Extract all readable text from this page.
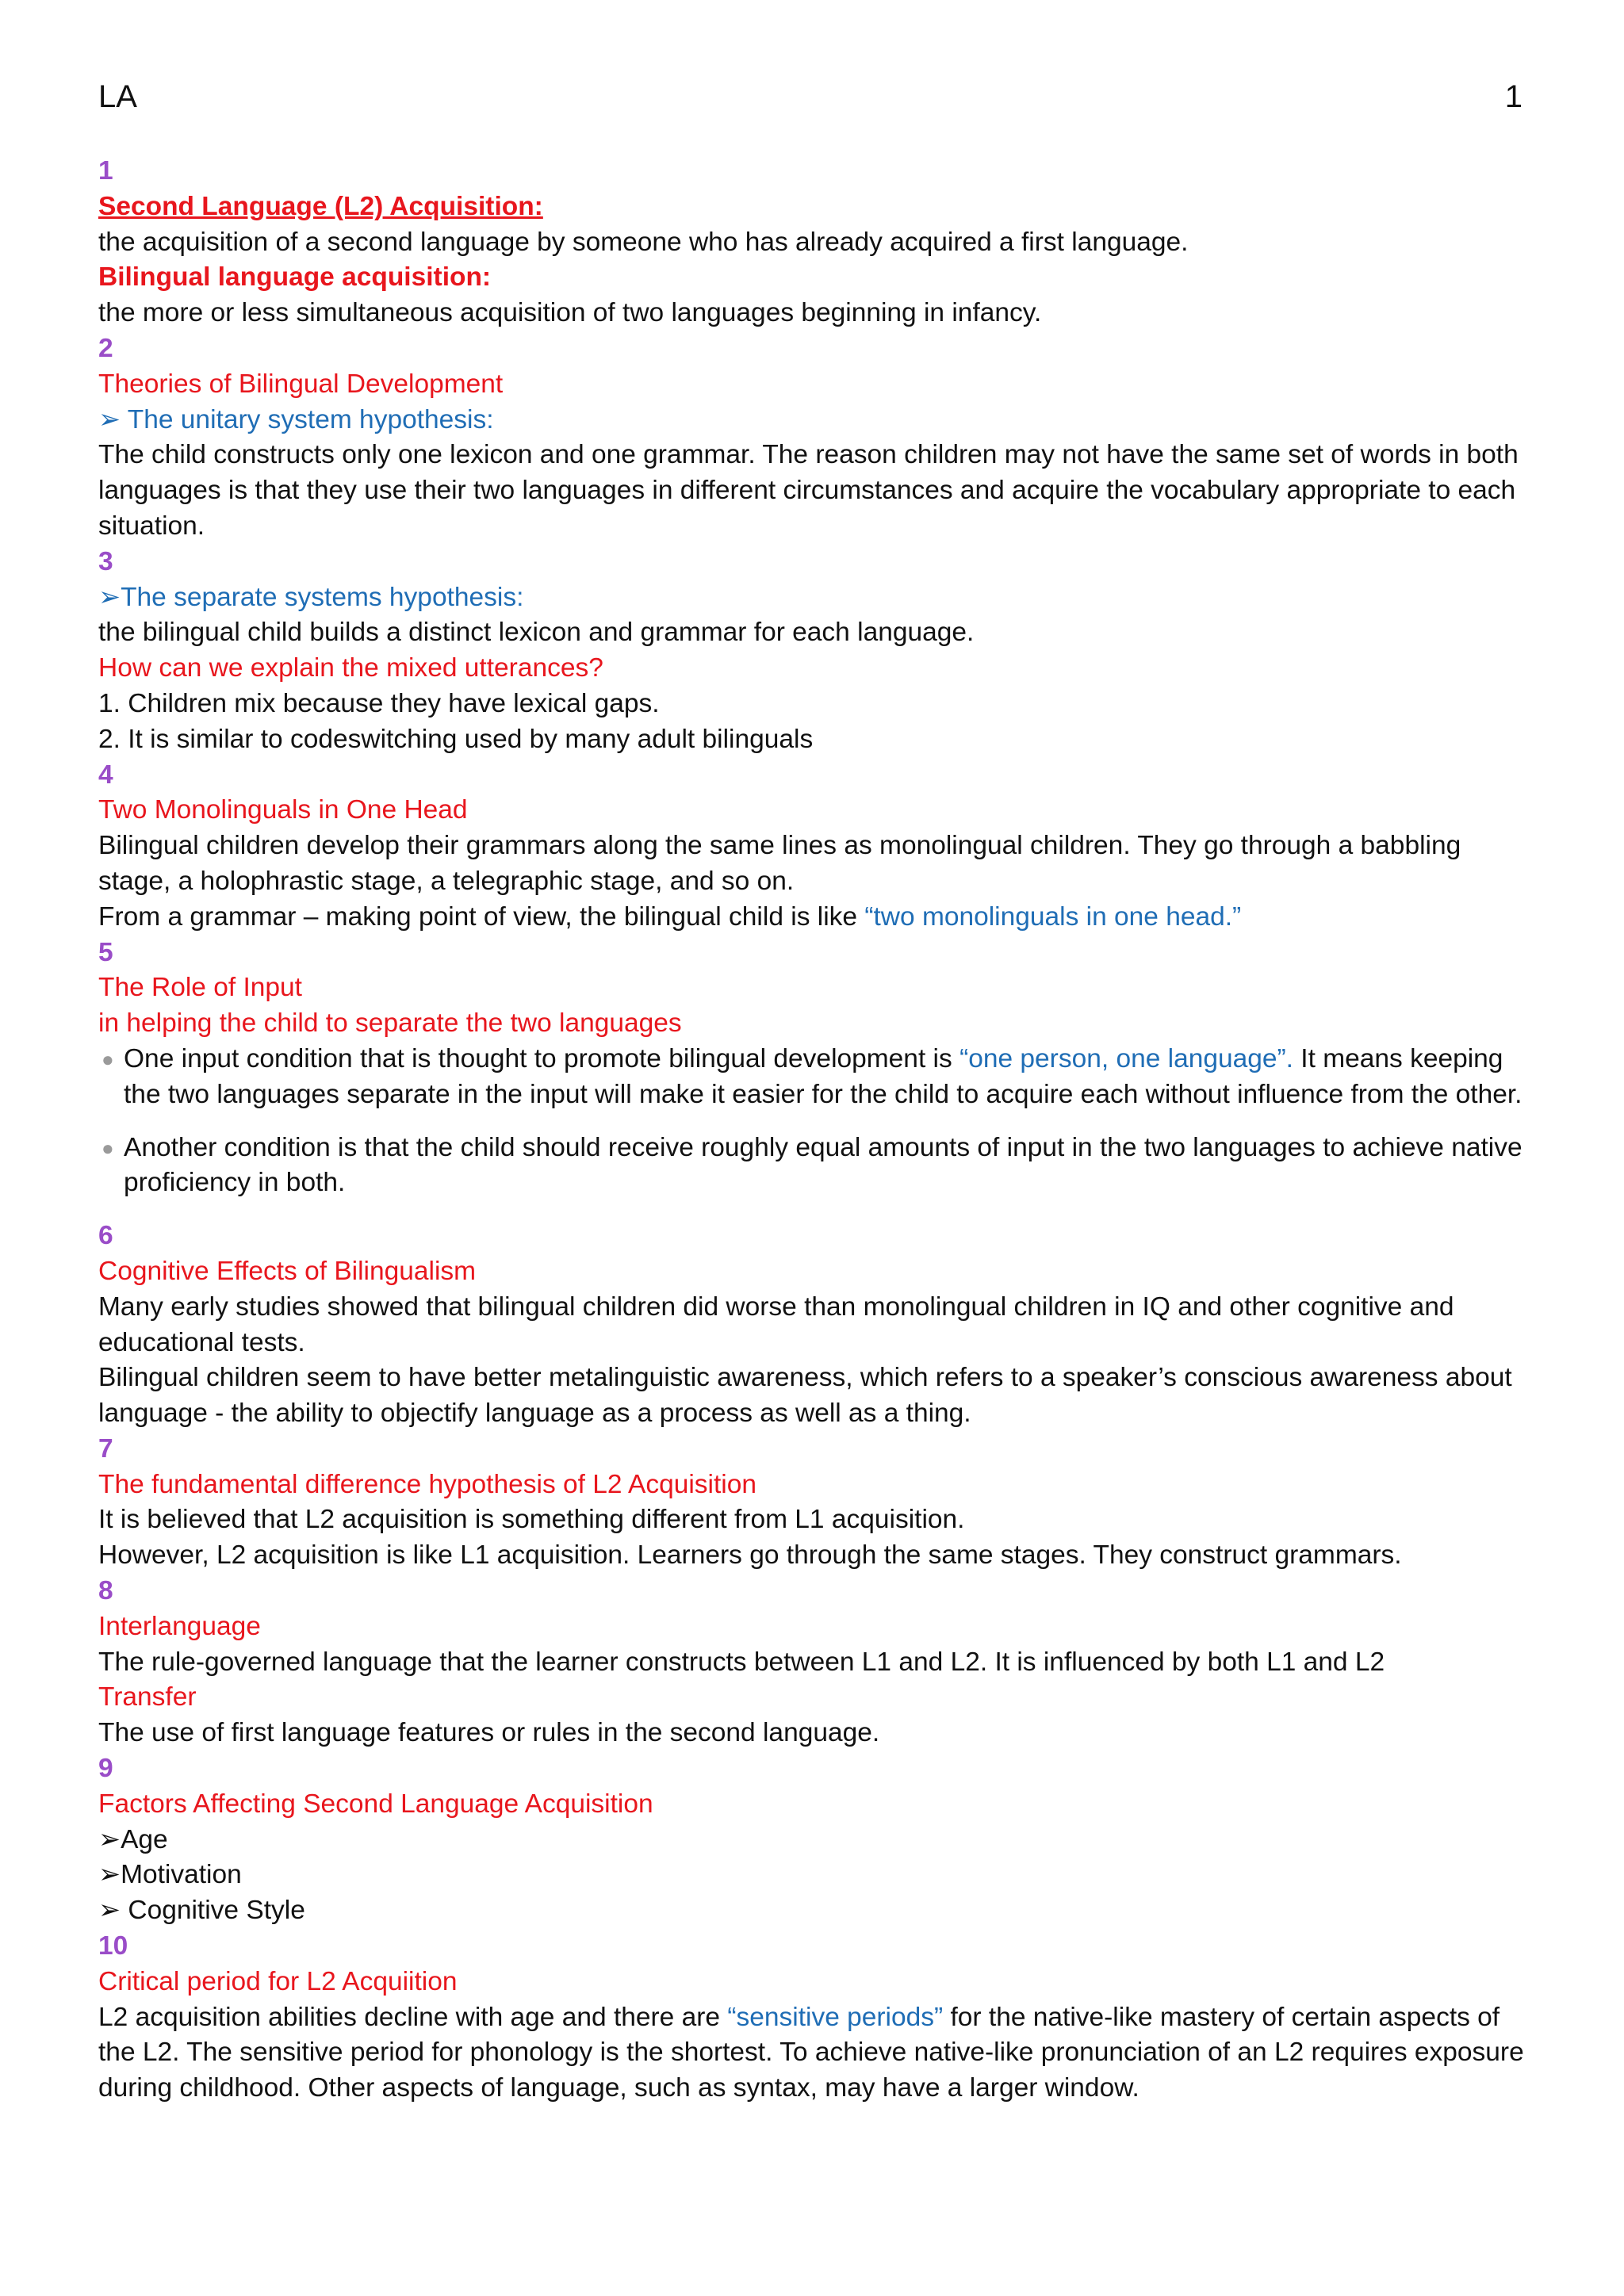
LA	1

1

Second Language (L2) Acquisition:

the acquisition of a second language by someone who has already acquired a first language.

Bilingual language acquisition:

the more or less simultaneous acquisition of two languages beginning in infancy.

2

Theories of Bilingual Development

➢ The unitary system hypothesis:

The child constructs only one lexicon and one grammar. The reason children may not have the same set of words in both languages is that they use their two languages in different circumstances and acquire the vocabulary appropriate to each situation.

3

➢The separate systems hypothesis:

the bilingual child builds a distinct lexicon and grammar for each language.

How can we explain the mixed utterances?

1. Children mix because they have lexical gaps.

2. It is similar to codeswitching used by many adult bilinguals

4

Two Monolinguals in One Head

Bilingual children develop their grammars along the same lines as monolingual children. They go through a babbling stage, a holophrastic stage, a telegraphic stage, and so on.

From a grammar – making point of view, the bilingual child is like “two monolinguals in one head.”

5

The Role of Input

in helping the child to separate the two languages

● One input condition that is thought to promote bilingual development is “one person, one language”. It means keeping the two languages separate in the input will make it easier for the child to acquire each without influence from the other.
● Another condition is that the child should receive roughly equal amounts of input in the two languages to achieve native proficiency in both.

6

Cognitive Effects of Bilingualism

Many early studies showed that bilingual children did worse than monolingual children in IQ and other cognitive and educational tests.

Bilingual children seem to have better metalinguistic awareness, which refers to a speaker’s conscious awareness about language - the ability to objectify language as a process as well as a thing.

7

The fundamental difference hypothesis of L2 Acquisition

It is believed that L2 acquisition is something different from L1 acquisition.

However, L2 acquisition is like L1 acquisition. Learners go through the same stages. They construct grammars.

8

Interlanguage

The rule-governed language that the learner constructs between L1 and L2. It is influenced by both L1 and L2

Transfer

The use of first language features or rules in the second language.

9

Factors Affecting Second Language Acquisition

➢Age

➢Motivation

➢ Cognitive Style

10

Critical period for L2 Acquiition

L2 acquisition abilities decline with age and there are “sensitive periods” for the native-like mastery of certain aspects of the L2. The sensitive period for phonology is the shortest. To achieve native-like pronunciation of an L2 requires exposure during childhood. Other aspects of language, such as syntax, may have a larger window.
